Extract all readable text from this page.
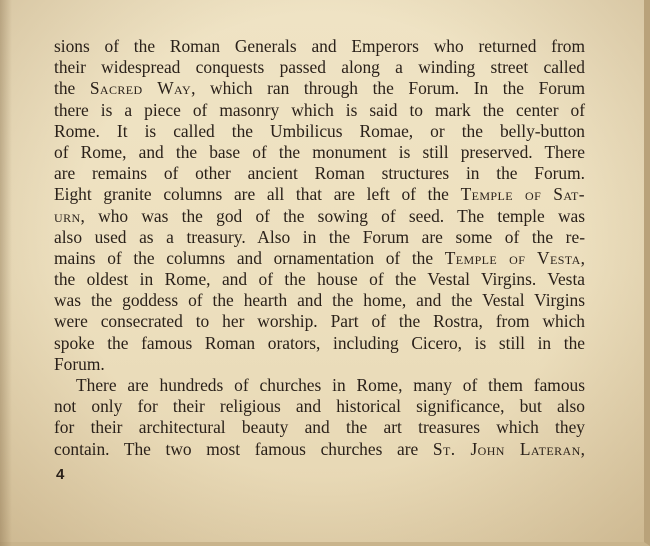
sions of the Roman Generals and Emperors who returned from
their widespread conquests passed along a winding street called
the Sacred Way, which ran through the Forum. In the Forum
there is a piece of masonry which is said to mark the center of
Rome. It is called the Umbilicus Romae, or the belly-button
of Rome, and the base of the monument is still preserved. There
are remains of other ancient Roman structures in the Forum.
Eight granite columns are all that are left of the Temple of Sat-
urn, who was the god of the sowing of seed. The temple was
also used as a treasury. Also in the Forum are some of the re-
mains of the columns and ornamentation of the Temple of Vesta,
the oldest in Rome, and of the house of the Vestal Virgins. Vesta
was the goddess of the hearth and the home, and the Vestal Virgins
were consecrated to her worship. Part of the Rostra, from which
spoke the famous Roman orators, including Cicero, is still in the
Forum.
There are hundreds of churches in Rome, many of them famous
not only for their religious and historical significance, but also
for their architectural beauty and the art treasures which they
contain. The two most famous churches are St. John Lateran,
4
